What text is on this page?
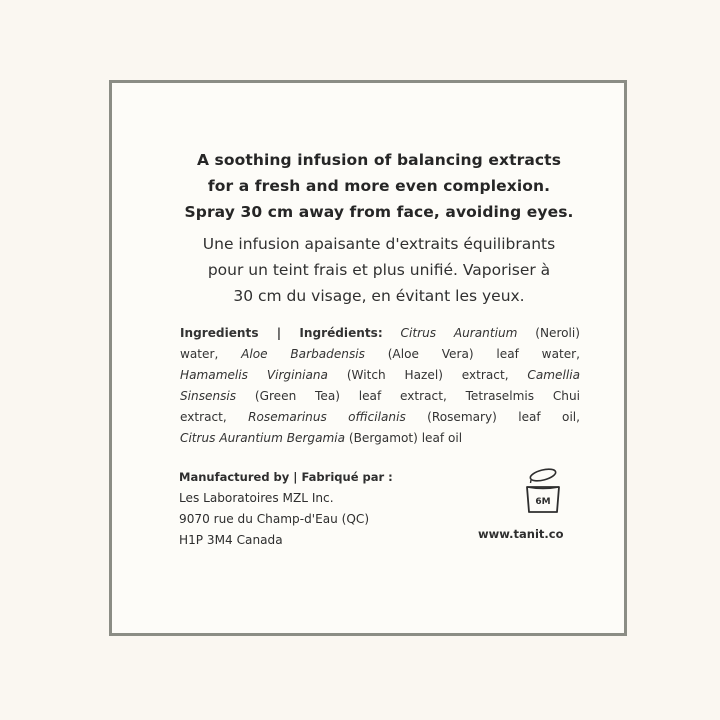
A soothing infusion of balancing extracts
for a fresh and more even complexion.
Spray 30 cm away from face, avoiding eyes.
Une infusion apaisante d'extraits équilibrants
pour un teint frais et plus unifié. Vaporiser à
30 cm du visage, en évitant les yeux.
Ingredients | Ingrédients: Citrus Aurantium (Neroli)
water, Aloe Barbadensis (Aloe Vera) leaf water,
Hamamelis Virginiana (Witch Hazel) extract, Camellia
Sinsensis (Green Tea) leaf extract, Tetraselmis Chui
extract, Rosemarinus officilanis (Rosemary) leaf oil,
Citrus Aurantium Bergamia (Bergamot) leaf oil
Manufactured by | Fabriqué par :
Les Laboratoires MZL Inc.
9070 rue du Champ-d'Eau (QC)
H1P 3M4 Canada
6M
www.tanit.co
